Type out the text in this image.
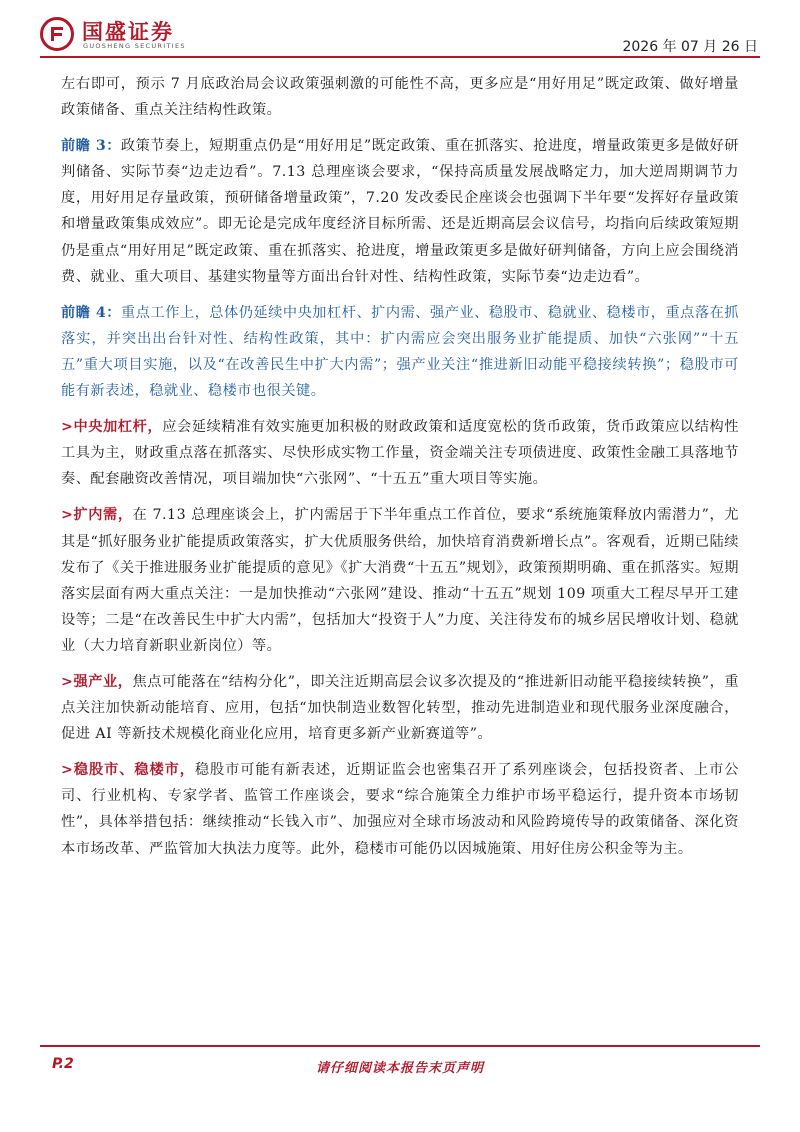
国盛证券
GUOSHENG SECURITIES	2026 年 07 月 26 日

左右即可，预示 7 月底政治局会议政策强刺激的可能性不高，更多应是“用好用足”既定政策、做好增量政策储备、重点关注结构性政策。

前瞻 3：政策节奏上，短期重点仍是“用好用足”既定政策、重在抓落实、抢进度，增量政策更多是做好研判储备、实际节奏“边走边看”。7.13 总理座谈会要求，“保持高质量发展战略定力，加大逆周期调节力度，用好用足存量政策，预研储备增量政策”，7.20 发改委民企座谈会也强调下半年要“发挥好存量政策和增量政策集成效应”。即无论是完成年度经济目标所需、还是近期高层会议信号，均指向后续政策短期仍是重点“用好用足”既定政策、重在抓落实、抢进度，增量政策更多是做好研判储备，方向上应会围绕消费、就业、重大项目、基建实物量等方面出台针对性、结构性政策，实际节奏“边走边看”。

前瞻 4：重点工作上，总体仍延续中央加杠杆、扩内需、强产业、稳股市、稳就业、稳楼市，重点落在抓落实，并突出出台针对性、结构性政策，其中：扩内需应会突出服务业扩能提质、加快“六张网”“十五五”重大项目实施，以及“在改善民生中扩大内需”；强产业关注“推进新旧动能平稳接续转换”；稳股市可能有新表述，稳就业、稳楼市也很关键。

>中央加杠杆，应会延续精准有效实施更加积极的财政政策和适度宽松的货币政策，货币政策应以结构性工具为主，财政重点落在抓落实、尽快形成实物工作量，资金端关注专项债进度、政策性金融工具落地节奏、配套融资改善情况，项目端加快“六张网”、“十五五”重大项目等实施。

>扩内需，在 7.13 总理座谈会上，扩内需居于下半年重点工作首位，要求“系统施策释放内需潜力”，尤其是“抓好服务业扩能提质政策落实，扩大优质服务供给，加快培育消费新增长点”。客观看，近期已陆续发布了《关于推进服务业扩能提质的意见》《扩大消费“十五五”规划》，政策预期明确、重在抓落实。短期落实层面有两大重点关注：一是加快推动“六张网”建设、推动“十五五”规划 109 项重大工程尽早开工建设等；二是“在改善民生中扩大内需”，包括加大“投资于人”力度、关注待发布的城乡居民增收计划、稳就业（大力培育新职业新岗位）等。

>强产业，焦点可能落在“结构分化”，即关注近期高层会议多次提及的“推进新旧动能平稳接续转换”，重点关注加快新动能培育、应用，包括“加快制造业数智化转型，推动先进制造业和现代服务业深度融合，促进 AI 等新技术规模化商业化应用，培育更多新产业新赛道等”。

>稳股市、稳楼市，稳股市可能有新表述，近期证监会也密集召开了系列座谈会，包括投资者、上市公司、行业机构、专家学者、监管工作座谈会，要求“综合施策全力维护市场平稳运行，提升资本市场韧性”，具体举措包括：继续推动“长钱入市”、加强应对全球市场波动和风险跨境传导的政策储备、深化资本市场改革、严监管加大执法力度等。此外，稳楼市可能仍以因城施策、用好住房公积金等为主。

P.2	请仔细阅读本报告末页声明
